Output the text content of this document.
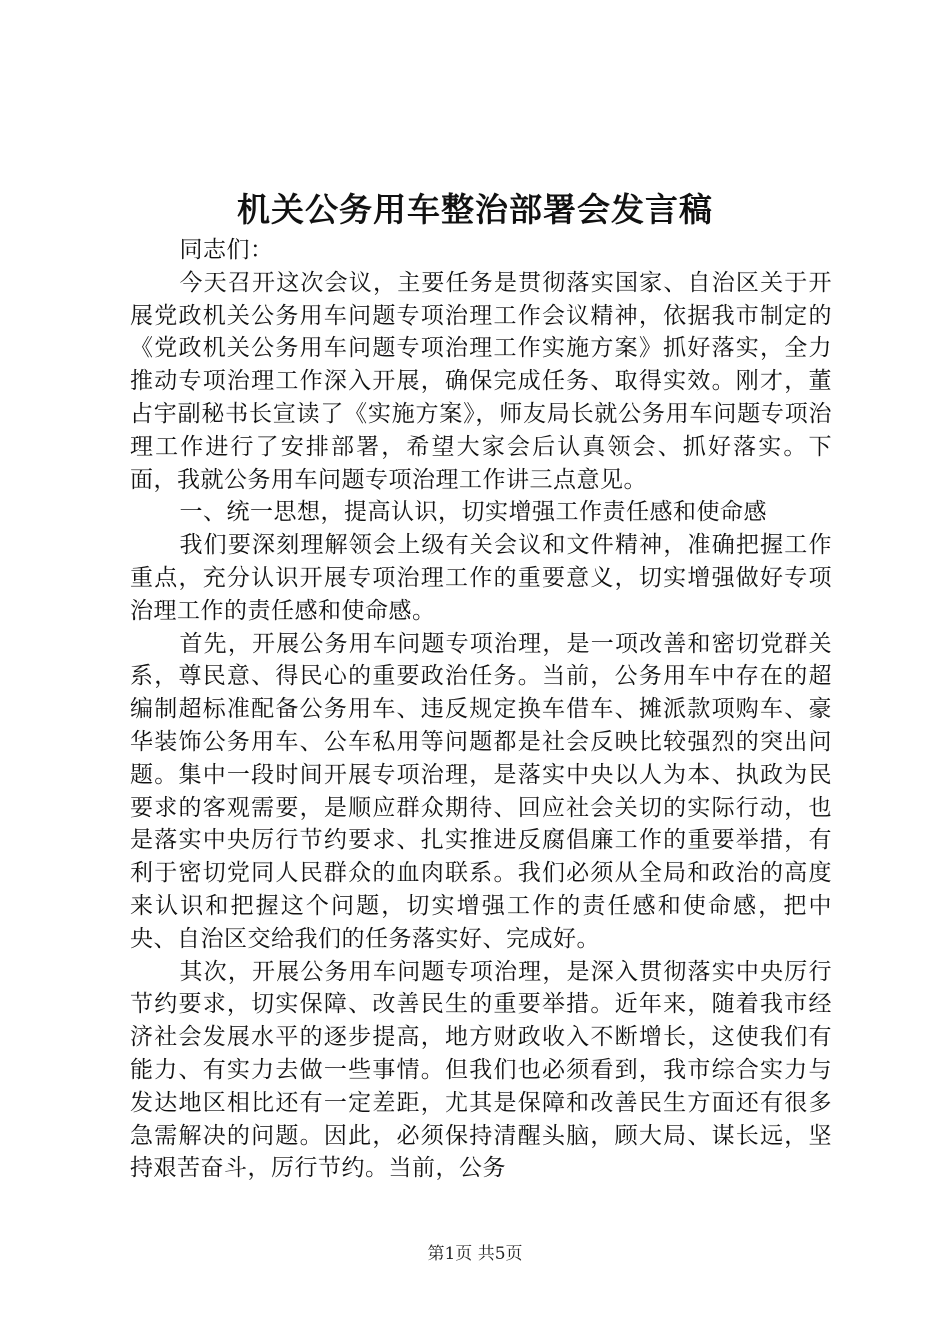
机关公务用车整治部署会发言稿

同志们：

今天召开这次会议，主要任务是贯彻落实国家、自治区关于开展党政机关公务用车问题专项治理工作会议精神，依据我市制定的《党政机关公务用车问题专项治理工作实施方案》抓好落实，全力推动专项治理工作深入开展，确保完成任务、取得实效。刚才，董占宇副秘书长宣读了《实施方案》，师友局长就公务用车问题专项治理工作进行了安排部署，希望大家会后认真领会、抓好落实。下面，我就公务用车问题专项治理工作讲三点意见。

一、统一思想，提高认识，切实增强工作责任感和使命感

我们要深刻理解领会上级有关会议和文件精神，准确把握工作重点，充分认识开展专项治理工作的重要意义，切实增强做好专项治理工作的责任感和使命感。

首先，开展公务用车问题专项治理，是一项改善和密切党群关系，尊民意、得民心的重要政治任务。当前，公务用车中存在的超编制超标准配备公务用车、违反规定换车借车、摊派款项购车、豪华装饰公务用车、公车私用等问题都是社会反映比较强烈的突出问题。集中一段时间开展专项治理，是落实中央以人为本、执政为民要求的客观需要，是顺应群众期待、回应社会关切的实际行动，也是落实中央厉行节约要求、扎实推进反腐倡廉工作的重要举措，有利于密切党同人民群众的血肉联系。我们必须从全局和政治的高度来认识和把握这个问题，切实增强工作的责任感和使命感，把中央、自治区交给我们的任务落实好、完成好。

其次，开展公务用车问题专项治理，是深入贯彻落实中央厉行节约要求，切实保障、改善民生的重要举措。近年来，随着我市经济社会发展水平的逐步提高，地方财政收入不断增长，这使我们有能力、有实力去做一些事情。但我们也必须看到，我市综合实力与发达地区相比还有一定差距，尤其是保障和改善民生方面还有很多急需解决的问题。因此，必须保持清醒头脑，顾大局、谋长远，坚持艰苦奋斗，厉行节约。当前，公务

第1页 共5页
